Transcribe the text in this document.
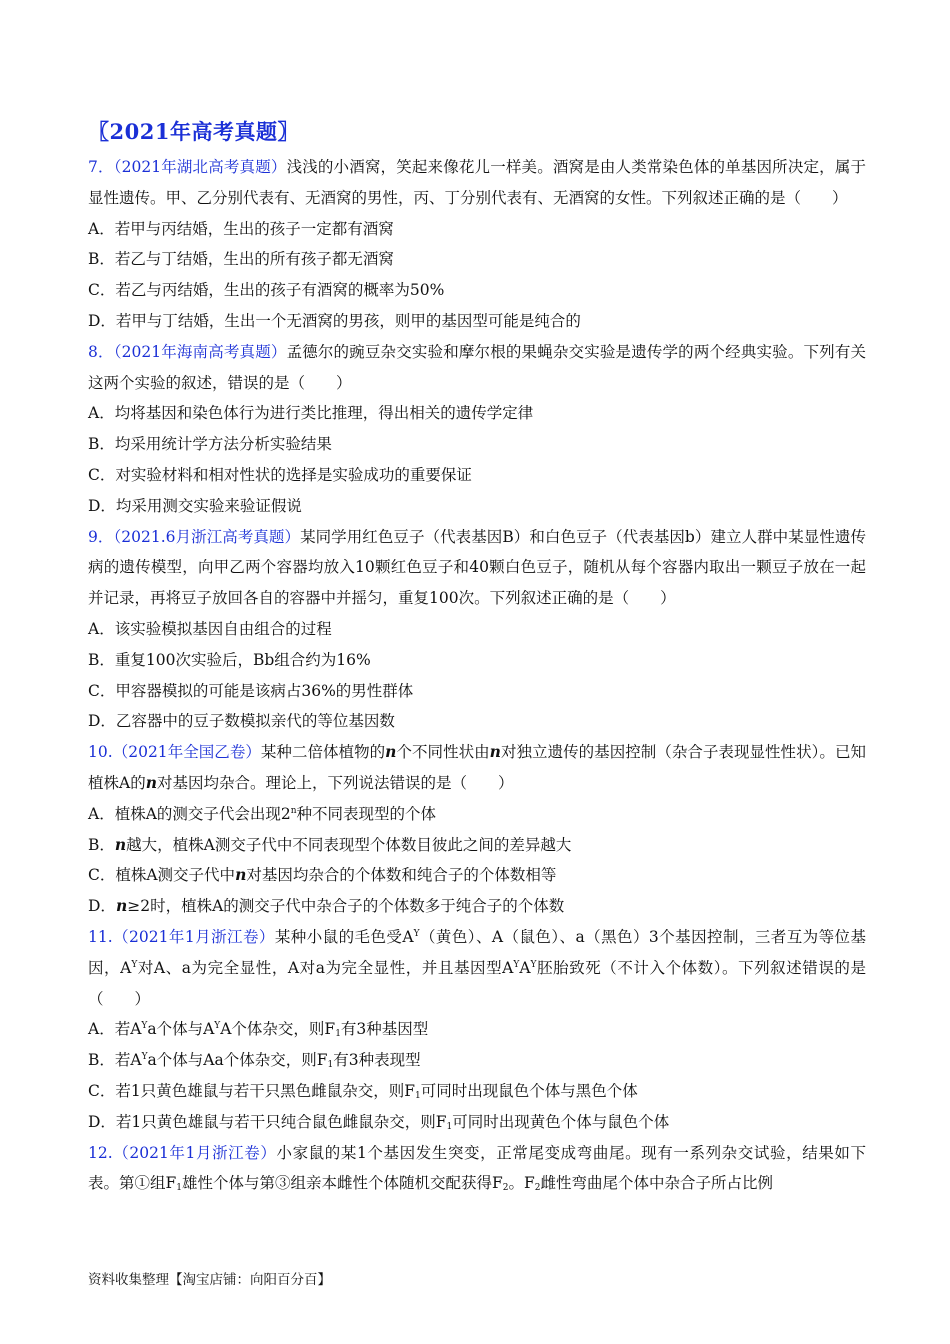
〖2021年高考真题〗

7．（2021年湖北高考真题）浅浅的小酒窝，笑起来像花儿一样美。酒窝是由人类常染色体的单基因所决定，属于显性遗传。甲、乙分别代表有、无酒窝的男性，丙、丁分别代表有、无酒窝的女性。下列叙述正确的是（　　）

A．若甲与丙结婚，生出的孩子一定都有酒窝

B．若乙与丁结婚，生出的所有孩子都无酒窝

C．若乙与丙结婚，生出的孩子有酒窝的概率为50%

D．若甲与丁结婚，生出一个无酒窝的男孩，则甲的基因型可能是纯合的

8．（2021年海南高考真题）孟德尔的豌豆杂交实验和摩尔根的果蝇杂交实验是遗传学的两个经典实验。下列有关这两个实验的叙述，错误的是（　　）

A．均将基因和染色体行为进行类比推理，得出相关的遗传学定律

B．均采用统计学方法分析实验结果

C．对实验材料和相对性状的选择是实验成功的重要保证

D．均采用测交实验来验证假说

9．（2021.6月浙江高考真题）某同学用红色豆子（代表基因B）和白色豆子（代表基因b）建立人群中某显性遗传病的遗传模型，向甲乙两个容器均放入10颗红色豆子和40颗白色豆子，随机从每个容器内取出一颗豆子放在一起并记录，再将豆子放回各自的容器中并摇匀，重复100次。下列叙述正确的是（　　）

A．该实验模拟基因自由组合的过程

B．重复100次实验后，Bb组合约为16%

C．甲容器模拟的可能是该病占36%的男性群体

D．乙容器中的豆子数模拟亲代的等位基因数

10.（2021年全国乙卷）某种二倍体植物的n个不同性状由n对独立遗传的基因控制（杂合子表现显性性状）。已知植株A的n对基因均杂合。理论上，下列说法错误的是（　　）

A．植株A的测交子代会出现2$^n$种不同表现型的个体

B．n越大，植株A测交子代中不同表现型个体数目彼此之间的差异越大

C．植株A测交子代中n对基因均杂合的个体数和纯合子的个体数相等

D．n≥2时，植株A的测交子代中杂合子的个体数多于纯合子的个体数

11.（2021年1月浙江卷）某种小鼠的毛色受$A^Y$（黄色）、A（鼠色）、a（黑色）3个基因控制，三者互为等位基因，$A^Y$对A、a为完全显性，A对a为完全显性，并且基因型$A^YA^Y$胚胎致死（不计入个体数）。下列叙述错误的是（　　）

A．若$A^Ya$个体与$A^YA$个体杂交，则$F_1$有3种基因型

B．若$A^Ya$个体与Aa个体杂交，则$F_1$有3种表现型

C．若1只黄色雄鼠与若干只黑色雌鼠杂交，则$F_1$可同时出现鼠色个体与黑色个体

D．若1只黄色雄鼠与若干只纯合鼠色雌鼠杂交，则$F_1$可同时出现黄色个体与鼠色个体

12.（2021年1月浙江卷）小家鼠的某1个基因发生突变，正常尾变成弯曲尾。现有一系列杂交试验，结果如下表。第①组$F_1$雄性个体与第③组亲本雌性个体随机交配获得$F_2$。$F_2$雌性弯曲尾个体中杂合子所占比例

资料收集整理【淘宝店铺：向阳百分百】
